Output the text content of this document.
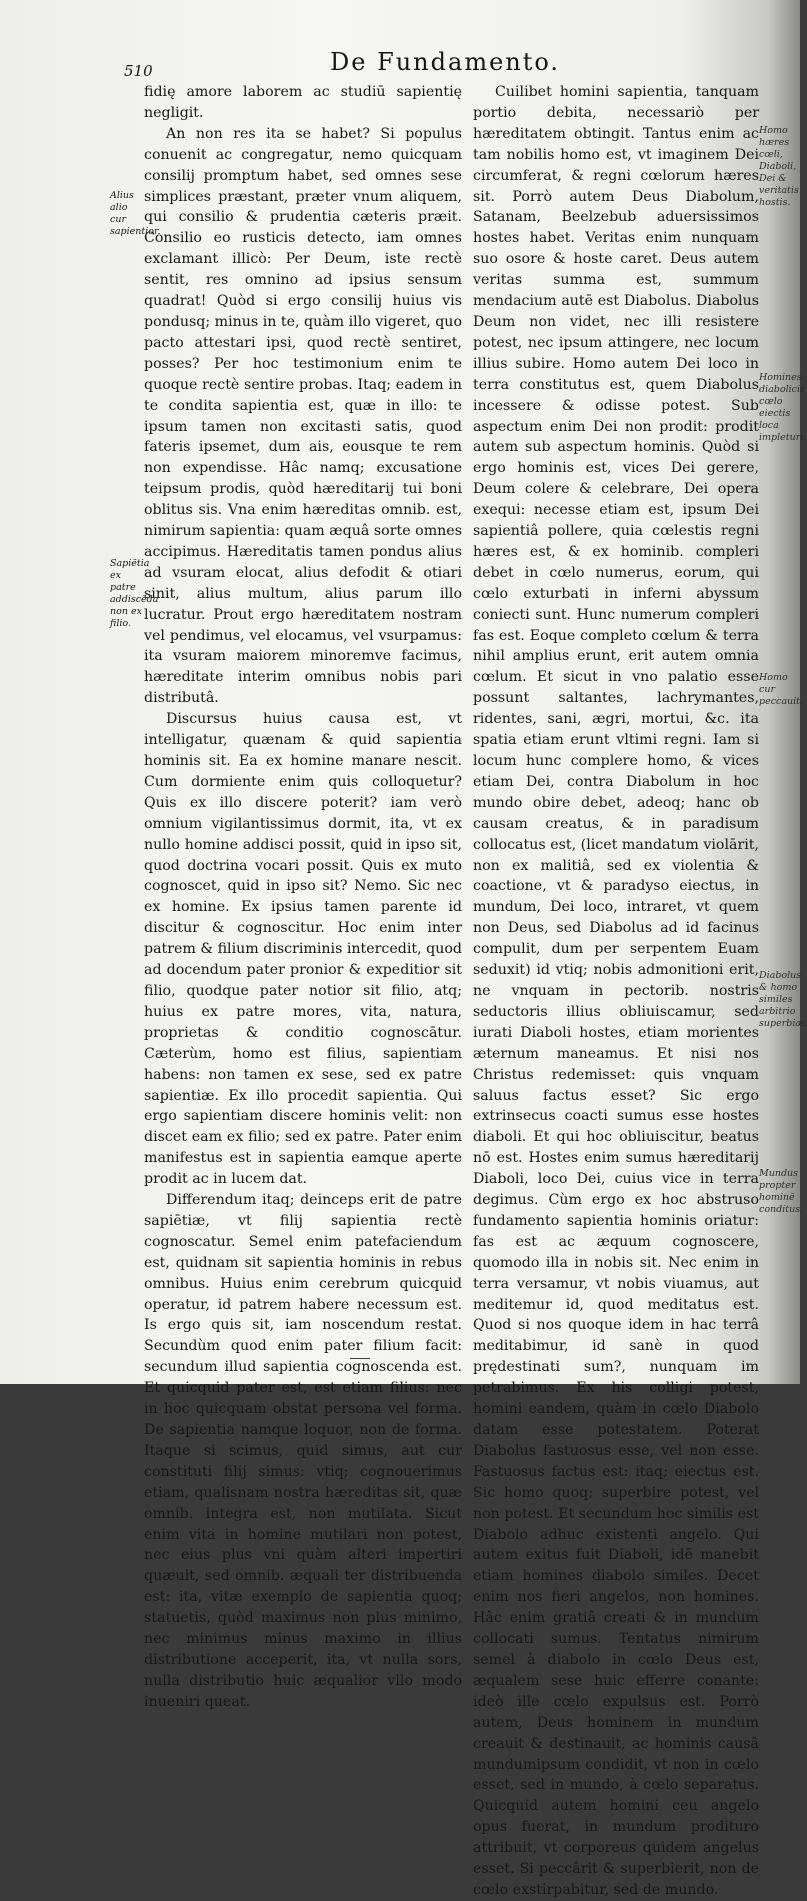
510	De Fundamento.
Alius alio cur sapientior.
Sapiētia ex patre addiscēda non ex filio.
Homo hæres cœli, Diaboli, Dei & veritatis hostis.
Homines diabolicis cœlo eiectis loca impleturi.
Homo cur peccauit.
Diabolus & homo similes arbitrio superbiæ.
Mundus propter hominē conditus.

fidię amore laborem ac studiū sapientię negligit.

An non res ita se habet? Si populus conuenit ac congregatur, nemo quicquam consilij promptum habet, sed omnes sese simplices præstant, præter vnum aliquem, qui consilio & prudentia cæteris præit. Consilio eo rusticis detecto, iam omnes exclamant illicò: Per Deum, iste rectè sentit, res omnino ad ipsius sensum quadrat! Quòd si ergo consilij huius vis pondusq; minus in te, quàm illo vigeret, quo pacto attestari ipsi, quod rectè sentiret, posses? Per hoc testimonium enim te quoque rectè sentire probas. Itaq; eadem in te condita sapientia est, quæ in illo: te ipsum tamen non excitasti satis, quod fateris ipsemet, dum ais, eousque te rem non expendisse. Hâc namq; excusatione teipsum prodis, quòd hæreditarij tui boni oblitus sis. Vna enim hæreditas omnib. est, nimirum sapientia: quam æquâ sorte omnes accipimus. Hæreditatis tamen pondus alius ad vsuram elocat, alius defodit & otiari sinit, alius multum, alius parum illo lucratur. Prout ergo hæreditatem nostram vel pendimus, vel elocamus, vel vsurpamus: ita vsuram maiorem minoremve facimus, hæreditate interim omnibus nobis pari distributâ.

Discursus huius causa est, vt intelligatur, quænam & quid sapientia hominis sit. Ea ex homine manare nescit. Cum dormiente enim quis colloquetur? Quis ex illo discere poterit? iam verò omnium vigilantissimus dormit, ita, vt ex nullo homine addisci possit, quid in ipso sit, quod doctrina vocari possit. Quis ex muto cognoscet, quid in ipso sit? Nemo. Sic nec ex homine. Ex ipsius tamen parente id discitur & cognoscitur. Hoc enim inter patrem & filium discriminis intercedit, quod ad docendum pater pronior & expeditior sit filio, quodque pater notior sit filio, atq; huius ex patre mores, vita, natura, proprietas & conditio cognoscātur. Cæterùm, homo est filius, sapientiam habens: non tamen ex sese, sed ex patre sapientiæ. Ex illo procedit sapientia. Qui ergo sapientiam discere hominis velit: non discet eam ex filio; sed ex patre. Pater enim manifestus est in sapientia eamque aperte prodit ac in lucem dat.

Differendum itaq; deinceps erit de patre sapiētiæ, vt filij sapientia rectè cognoscatur. Semel enim patefaciendum est, quidnam sit sapientia hominis in rebus omnibus. Huius enim cerebrum quicquid operatur, id patrem habere necessum est. Is ergo quis sit, iam noscendum restat. Secundùm quod enim pater filium facit: secundum illud sapientia cognoscenda est. Et quicquid pater est, est etiam filius: nec in hoc quicquam obstat persona vel forma. De sapientia namque loquor, non de forma. Itaque si scimus, quid simus, aut cur constituti filij simus: vtiq; cognouerimus etiam, qualisnam nostra hæreditas sit, quæ omnib. integra est, non mutilata. Sicut enim vita in homine mutilari non potest, nec eius plus vni quàm alteri impertiri quæuit, sed omnib. æquali ter distribuenda est: ita, vitæ exemplo de sapientia quoq; statuetis, quòd maximus non plus minimo, nec minimus minus maximo in illius distributione acceperit, ita, vt nulla sors, nulla distributio huic æqualior vllo modo inueniri queat.

Cuilibet homini sapientia, tanquam portio debita, necessariò per hæreditatem obtingit. Tantus enim ac tam nobilis homo est, vt imaginem Dei circumferat, & regni cœlorum hæres sit. Porrò autem Deus Diabolum, Satanam, Beelzebub aduersissimos hostes habet. Veritas enim nunquam suo osore & hoste caret. Deus autem veritas summa est, summum mendacium autē est Diabolus. Diabolus Deum non videt, nec illi resistere potest, nec ipsum attingere, nec locum illius subire. Homo autem Dei loco in terra constitutus est, quem Diabolus incessere & odisse potest. Sub aspectum enim Dei non prodit: prodit autem sub aspectum hominis. Quòd si ergo hominis est, vices Dei gerere, Deum colere & celebrare, Dei opera exequi: necesse etiam est, ipsum Dei sapientiâ pollere, quia cœlestis regni hæres est, & ex hominib. compleri debet in cœlo numerus, eorum, qui cœlo exturbati in inferni abyssum coniecti sunt. Hunc numerum compleri fas est. Eoque completo cœlum & terra nihil amplius erunt, erit autem omnia cœlum. Et sicut in vno palatio esse possunt saltantes, lachrymantes, ridentes, sani, ægri, mortui, &c. ita spatia etiam erunt vltimi regni. Iam si locum hunc complere homo, & vices etiam Dei, contra Diabolum in hoc mundo obire debet, adeoq; hanc ob causam creatus, & in paradisum collocatus est, (licet mandatum violārit, non ex malitiâ, sed ex violentia & coactione, vt & paradyso eiectus, in mundum, Dei loco, intraret, vt quem non Deus, sed Diabolus ad id facinus compulit, dum per serpentem Euam seduxit) id vtiq; nobis admonitioni erit, ne vnquam in pectorib. nostris seductoris illius obliuiscamur, sed iurati Diaboli hostes, etiam morientes æternum maneamus. Et nisi nos Christus redemisset: quis vnquam saluus factus esset? Sic ergo extrinsecus coacti sumus esse hostes diaboli. Et qui hoc obliuiscitur, beatus nō est. Hostes enim sumus hæreditarij Diaboli, loco Dei, cuius vice in terra degimus. Cùm ergo ex hoc abstruso fundamento sapientia hominis oriatur: fas est ac æquum cognoscere, quomodo illa in nobis sit. Nec enim in terra versamur, vt nobis viuamus, aut meditemur id, quod meditatus est. Quod si nos quoque idem in hac terrâ meditabimur, id sanè in quod prędestinati sum?, nunquam im petrabimus. Ex his colligi potest, homini eandem, quàm in cœlo Diabolo datam esse potestatem. Poterat Diabolus fastuosus esse, vel non esse. Fastuosus factus est: itaq; eiectus est. Sic homo quoq; superbire potest, vel non potest. Et secundum hoc similis est Diabolo adhuc existenti angelo. Qui autem exitus fuit Diaboli, idē manebit etiam homines diabolo similes. Decet enim nos fieri angelos, non homines. Hâc enim gratiâ creati & in mundum collocati sumus. Tentatus nimirum semel à diabolo in cœlo Deus est, æqualem sese huic efferre conante: ideò ille cœlo expulsus est. Porrò autem, Deus hominem in mundum creauit & destinauit, ac hominis causâ mundumipsum condidit, vt non in cœlo esset, sed in mundo, à cœlo separatus. Quicquid autem homini ceu angelo opus fuerat, in mundum proditurо attribuit, vt corporeus quidem angelus esset. Si peccârit & superbierit, non de cœlo exstirpabitur, sed de mundo.
